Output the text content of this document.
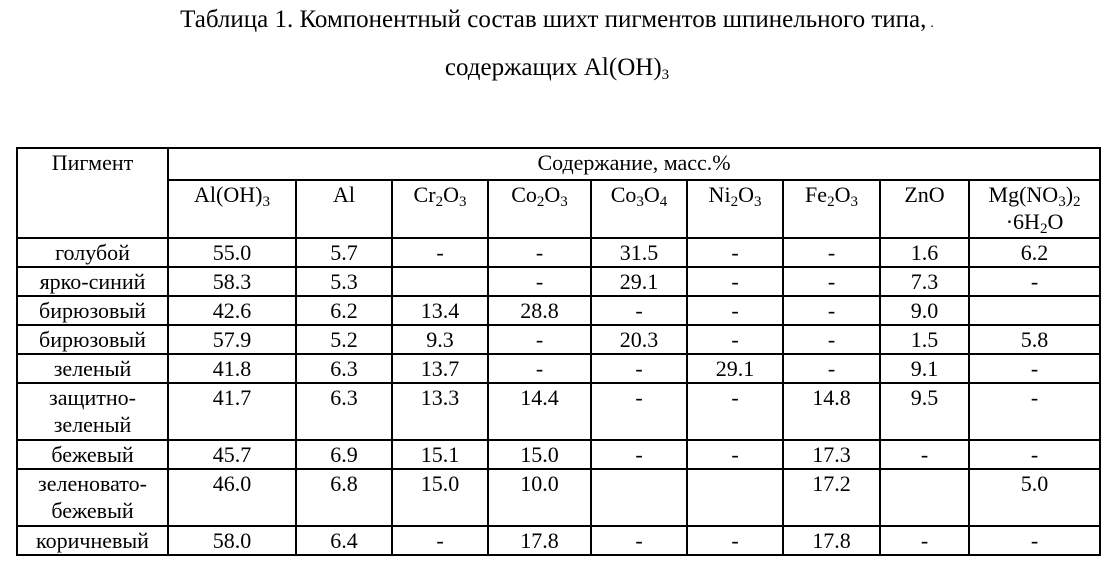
Таблица 1. Компонентный состав шихт пигментов шпинельного типа, .
содержащих $Al(OH)_3$
Пигмент	Содержание, масс.%								
	$Al(OH)_3$	Al	$Cr_2O_3$	$Co_2O_3$	$Co_3O_4$	$Ni_2O_3$	$Fe_2O_3$	ZnO	$Mg(NO_3)_2$
$\cdot 6H_2O$

голубой	55.0	5.7	-	-	31.5	-	-	1.6	6.2
ярко-синий	58.3	5.3		-	29.1	-	-	7.3	-
бирюзовый	42.6	6.2	13.4	28.8	-	-	-	9.0	
бирюзовый	57.9	5.2	9.3	-	20.3	-	-	1.5	5.8
зеленый	41.8	6.3	13.7	-	-	29.1	-	9.1	-

защитно-
зеленый	41.7	6.3	13.3	14.4	-	-	14.8	9.5	-
бежевый	45.7	6.9	15.1	15.0	-	-	17.3	-	-

зеленовато-
бежевый	46.0	6.8	15.0	10.0			17.2		5.0
коричневый	58.0	6.4	-	17.8	-	-	17.8	-	-
